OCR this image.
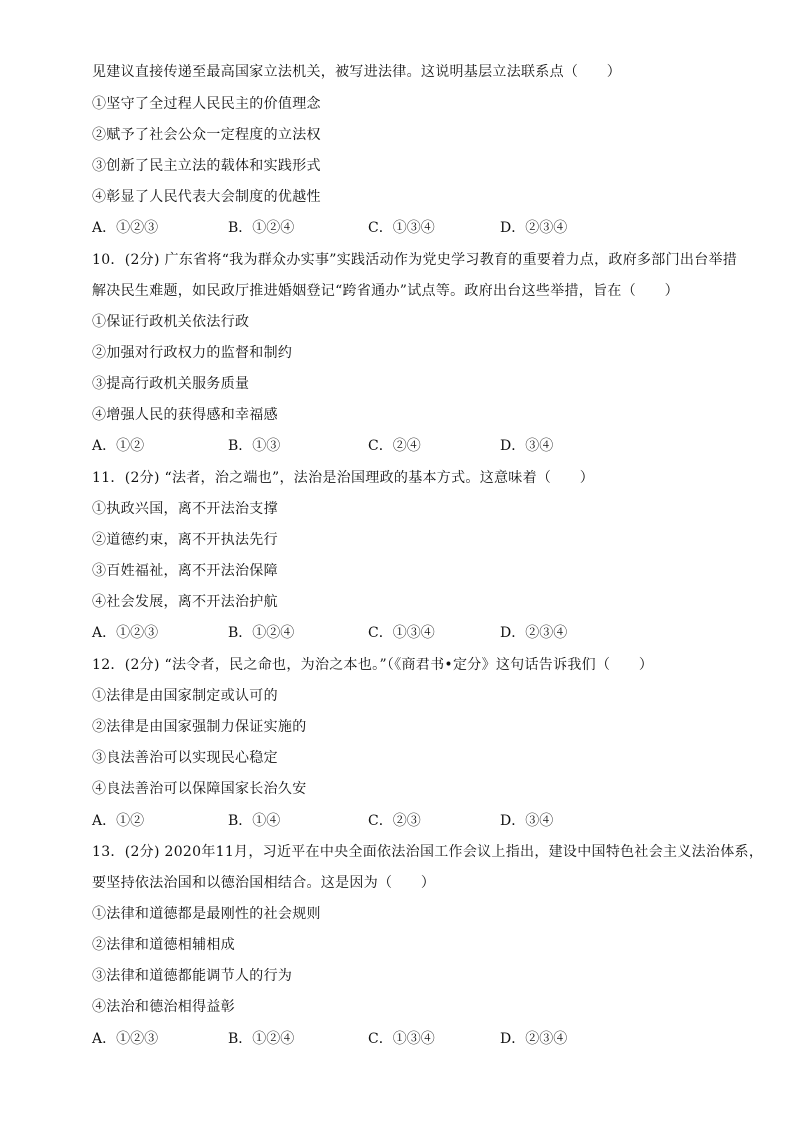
见建议直接传递至最高国家立法机关，被写进法律。这说明基层立法联系点（　　）
①坚守了全过程人民民主的价值理念
②赋予了社会公众一定程度的立法权
③创新了民主立法的载体和实践形式
④彰显了人民代表大会制度的优越性
A．①②③	B．①②④	C．①③④	D．②③④
10．(2分) 广东省将“我为群众办实事”实践活动作为党史学习教育的重要着力点，政府多部门出台举措
解决民生难题，如民政厅推进婚姻登记“跨省通办”试点等。政府出台这些举措，旨在（　　）
①保证行政机关依法行政
②加强对行政权力的监督和制约
③提高行政机关服务质量
④增强人民的获得感和幸福感
A．①②	B．①③	C．②④	D．③④
11．(2分) “法者，治之端也”，法治是治国理政的基本方式。这意味着（　　）
①执政兴国，离不开法治支撑
②道德约束，离不开执法先行
③百姓福祉，离不开法治保障
④社会发展，离不开法治护航
A．①②③	B．①②④	C．①③④	D．②③④
12．(2分) “法令者，民之命也，为治之本也。”（《商君书•定分》这句话告诉我们（　　）
①法律是由国家制定或认可的
②法律是由国家强制力保证实施的
③良法善治可以实现民心稳定
④良法善治可以保障国家长治久安
A．①②	B．①④	C．②③	D．③④
13．(2分) 2020年11月，习近平在中央全面依法治国工作会议上指出，建设中国特色社会主义法治体系，
要坚持依法治国和以德治国相结合。这是因为（　　）
①法律和道德都是最刚性的社会规则
②法律和道德相辅相成
③法律和道德都能调节人的行为
④法治和德治相得益彰
A．①②③	B．①②④	C．①③④	D．②③④
